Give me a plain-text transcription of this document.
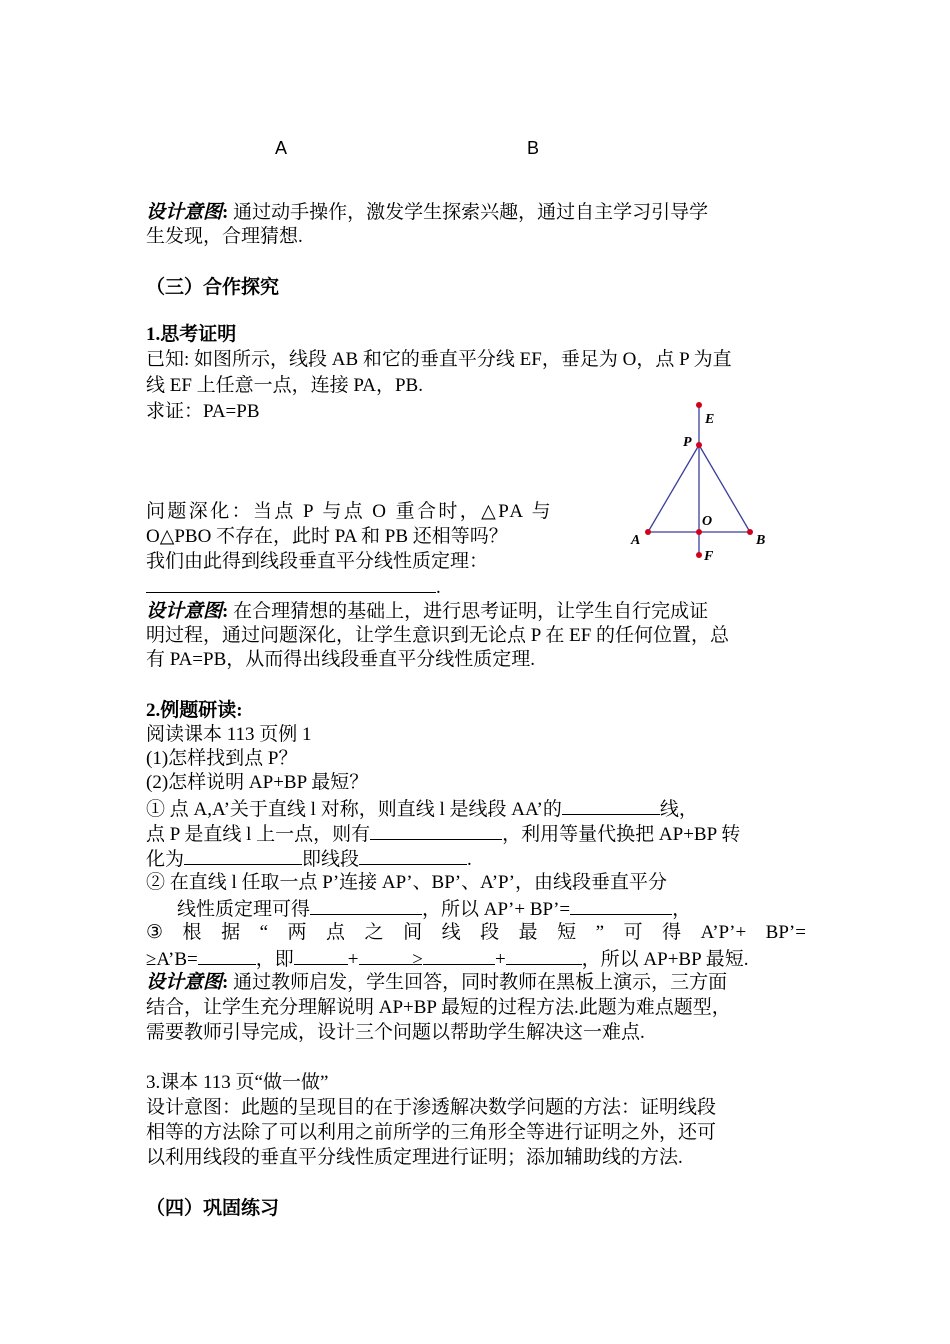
A	B
设计意图: 通过动手操作，激发学生探索兴趣，通过自主学习引导学
生发现，合理猜想.
（三）合作探究
1.思考证明
已知: 如图所示，线段 AB 和它的垂直平分线 EF，垂足为 O，点 P 为直
线 EF 上任意一点，连接 PA，PB.
求证：PA=PB	E
P
O
F
A	B
问题深化：当点 P 与点 O 重合时，△PA 与
O△PBO 不存在，此时 PA 和 PB 还相等吗？
我们由此得到线段垂直平分线性质定理：
.
设计意图: 在合理猜想的基础上，进行思考证明，让学生自行完成证
明过程，通过问题深化，让学生意识到无论点 P 在 EF 的任何位置，总
有 PA=PB，从而得出线段垂直平分线性质定理.
2.例题研读:
阅读课本 113 页例 1
(1)怎样找到点 P？
(2)怎样说明 AP+BP 最短？
① 点 A,A’关于直线 l 对称，则直线 l 是线段 AA’的	线，
点 P 是直线 l 上一点，则有	，利用等量代换把 AP+BP 转
化为	即线段	.
② 在直线 l 任取一点 P’连接 AP’、BP’、A’P’，由线段垂直平分
线性质定理可得	，所以 AP’+ BP’=	，
③ 根 据 “ 两 点 之 间 线 段 最 短 ” 可 得 A’P’+ BP’=
≥A’B=	，即	+	≥	+	，所以 AP+BP 最短.
设计意图: 通过教师启发，学生回答，同时教师在黑板上演示，三方面
结合，让学生充分理解说明 AP+BP 最短的过程方法.此题为难点题型，
需要教师引导完成，设计三个问题以帮助学生解决这一难点.
3.课本 113 页“做一做”
设计意图：此题的呈现目的在于渗透解决数学问题的方法：证明线段
相等的方法除了可以利用之前所学的三角形全等进行证明之外，还可
以利用线段的垂直平分线性质定理进行证明；添加辅助线的方法.
（四）巩固练习
